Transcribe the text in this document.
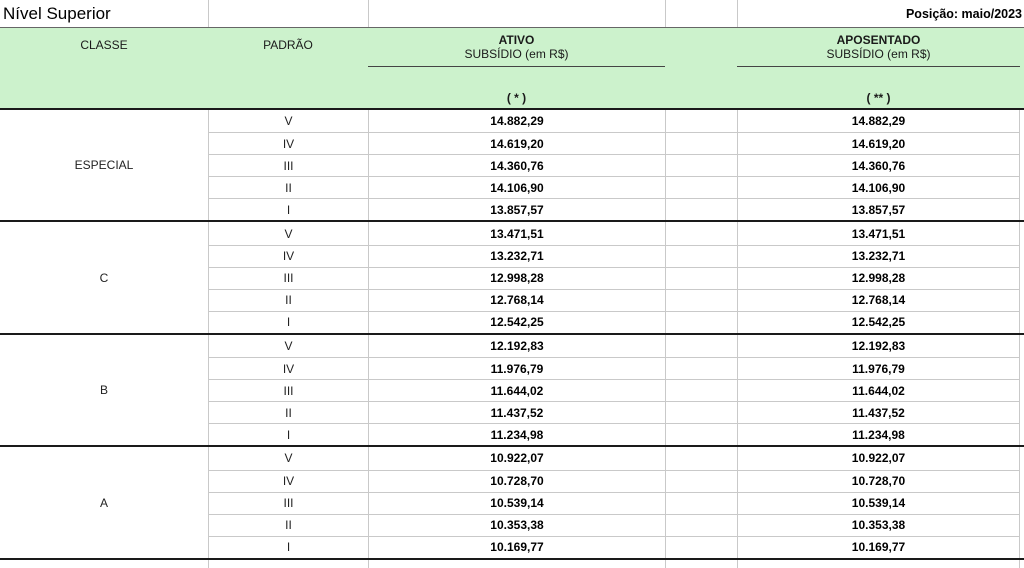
Nível Superior	Posição: maio/2023
CLASSE	PADRÃO	ATIVO
SUBSÍDIO (em R$)
( * )
APOSENTADO
SUBSÍDIO (em R$)
( ** )
ESPECIAL
V	14.882,29	14.882,29
IV	14.619,20	14.619,20
III	14.360,76	14.360,76
II	14.106,90	14.106,90
I	13.857,57	13.857,57
C
V	13.471,51	13.471,51
IV	13.232,71	13.232,71
III	12.998,28	12.998,28
II	12.768,14	12.768,14
I	12.542,25	12.542,25
B
V	12.192,83	12.192,83
IV	11.976,79	11.976,79
III	11.644,02	11.644,02
II	11.437,52	11.437,52
I	11.234,98	11.234,98
A
V	10.922,07	10.922,07
IV	10.728,70	10.728,70
III	10.539,14	10.539,14
II	10.353,38	10.353,38
I	10.169,77	10.169,77
